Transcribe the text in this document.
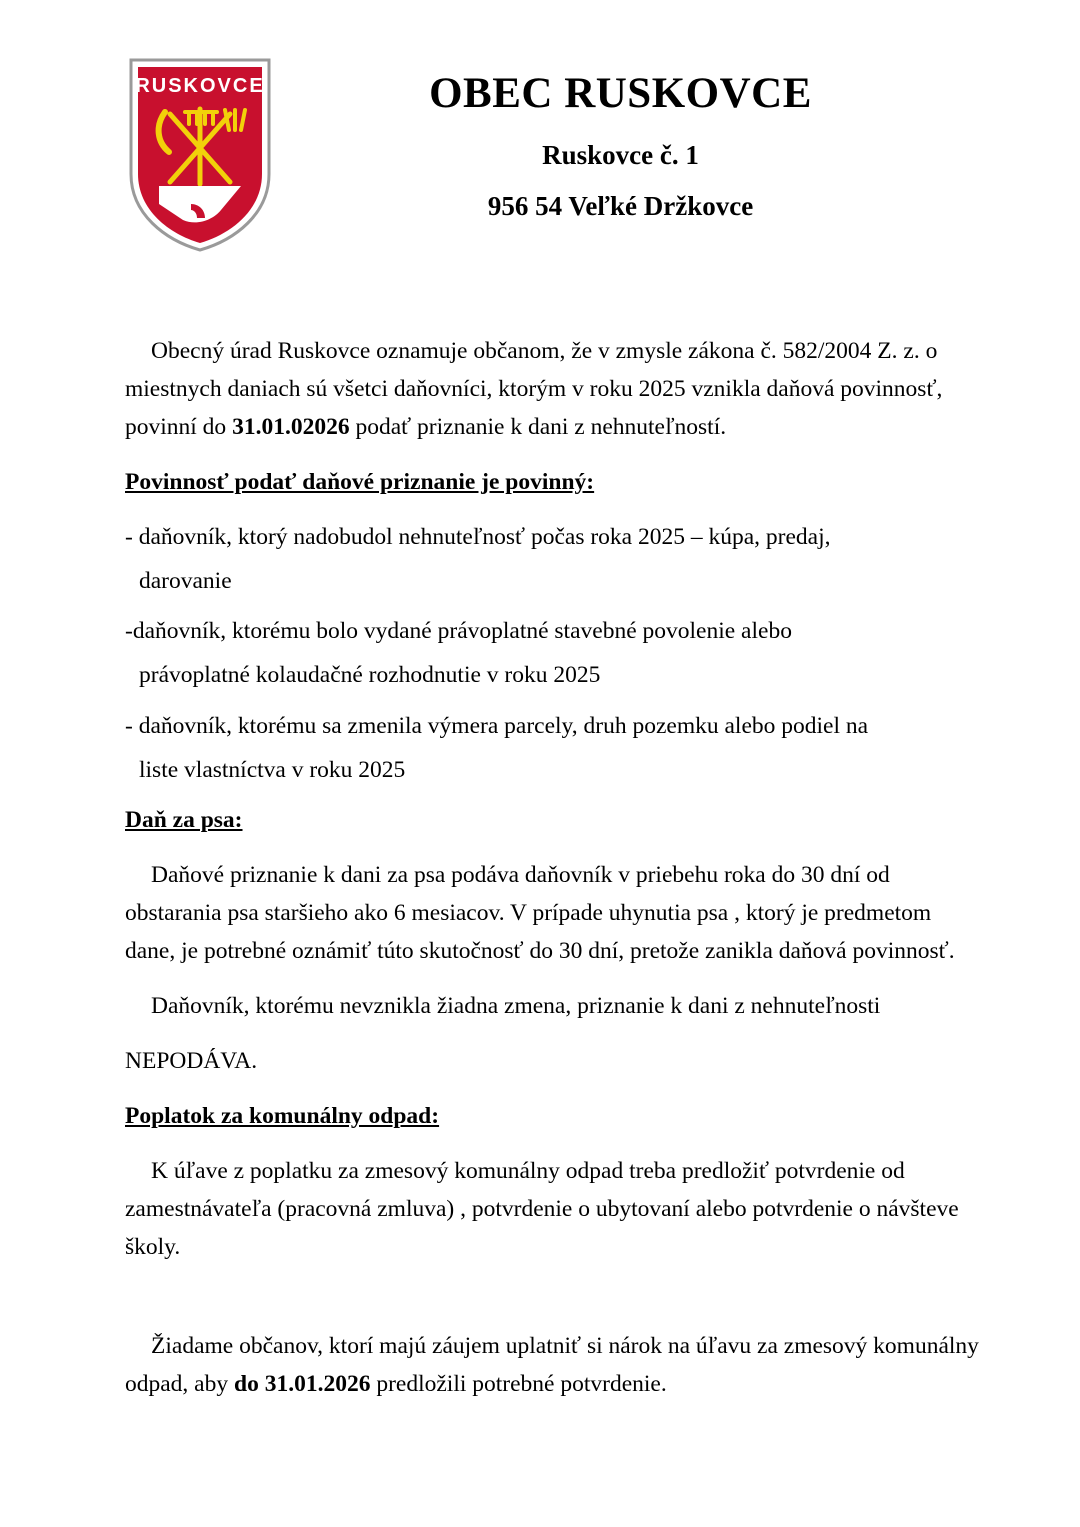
RUSKOVCE	OBEC RUSKOVCE

Ruskovce č. 1

956 54 Veľké Držkovce

Obecný úrad Ruskovce oznamuje občanom, že v zmysle zákona č. 582/2004 Z. z. o miestnych daniach sú všetci daňovníci, ktorým v roku 2025 vznikla daňová povinnosť, povinní do 31.01.02026 podať priznanie k dani z nehnuteľností.

Povinnosť podať daňové priznanie je povinný:

- daňovník, ktorý nadobudol nehnuteľnosť počas roka 2025 – kúpa, predaj,

darovanie

-daňovník, ktorému bolo vydané právoplatné stavebné povolenie alebo

právoplatné kolaudačné rozhodnutie v roku 2025

- daňovník, ktorému sa zmenila výmera parcely, druh pozemku alebo podiel na

liste vlastníctva v roku 2025

Daň za psa:

Daňové priznanie k dani za psa podáva daňovník v priebehu roka do 30 dní od obstarania psa staršieho ako 6 mesiacov. V prípade uhynutia psa , ktorý je predmetom dane, je potrebné oznámiť túto skutočnosť do 30 dní, pretože zanikla daňová povinnosť.

Daňovník, ktorému nevznikla žiadna zmena, priznanie k dani z nehnuteľnosti

NEPODÁVA.

Poplatok za komunálny odpad:

K úľave z poplatku za zmesový komunálny odpad treba predložiť potvrdenie od zamestnávateľa (pracovná zmluva) , potvrdenie o ubytovaní alebo potvrdenie o návšteve školy.

Žiadame občanov, ktorí majú záujem uplatniť si nárok na úľavu za zmesový komunálny odpad, aby do 31.01.2026 predložili potrebné potvrdenie.
